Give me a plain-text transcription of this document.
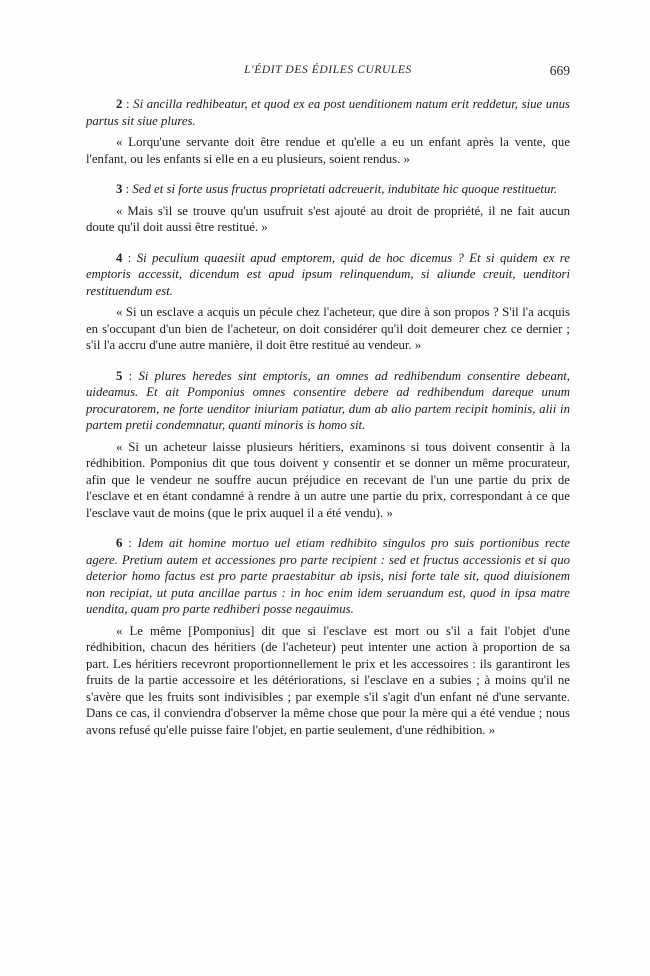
L'ÉDIT DES ÉDILES CURULES	669

2 : Si ancilla redhibeatur, et quod ex ea post uenditionem natum erit reddetur, siue unus partus sit siue plures.

« Lorqu'une servante doit être rendue et qu'elle a eu un enfant après la vente, que l'enfant, ou les enfants si elle en a eu plusieurs, soient rendus. »

3 : Sed et si forte usus fructus proprietati adcreuerit, indubitate hic quoque restituetur.

« Mais s'il se trouve qu'un usufruit s'est ajouté au droit de propriété, il ne fait aucun doute qu'il doit aussi être restitué. »

4 : Si peculium quaesiit apud emptorem, quid de hoc dicemus ? Et si quidem ex re emptoris accessit, dicendum est apud ipsum relinquendum, si aliunde creuit, uenditori restituendum est.

« Si un esclave a acquis un pécule chez l'acheteur, que dire à son propos ? S'il l'a acquis en s'occupant d'un bien de l'acheteur, on doit considérer qu'il doit demeurer chez ce dernier ; s'il l'a accru d'une autre manière, il doit être restitué au vendeur. »

5 : Si plures heredes sint emptoris, an omnes ad redhibendum consentire debeant, uideamus. Et ait Pomponius omnes consentire debere ad redhibendum dareque unum procuratorem, ne forte uenditor iniuriam patiatur, dum ab alio partem recipit hominis, alii in partem pretii condemnatur, quanti minoris is homo sit.

« Si un acheteur laisse plusieurs héritiers, examinons si tous doivent consentir à la rédhibition. Pomponius dit que tous doivent y consentir et se donner un même procurateur, afin que le vendeur ne souffre aucun préjudice en recevant de l'un une partie du prix de l'esclave et en étant condamné à rendre à un autre une partie du prix, correspondant à ce que l'esclave vaut de moins (que le prix auquel il a été vendu). »

6 : Idem ait homine mortuo uel etiam redhibito singulos pro suis portionibus recte agere. Pretium autem et accessiones pro parte recipient : sed et fructus accessionis et si quo deterior homo factus est pro parte praestabitur ab ipsis, nisi forte tale sit, quod diuisionem non recipiat, ut puta ancillae partus : in hoc enim idem seruandum est, quod in ipsa matre uendita, quam pro parte redhiberi posse negauimus.

« Le même [Pomponius] dit que si l'esclave est mort ou s'il a fait l'objet d'une rédhibition, chacun des héritiers (de l'acheteur) peut intenter une action à proportion de sa part. Les héritiers recevront proportionnellement le prix et les accessoires : ils garantiront les fruits de la partie accessoire et les détériorations, si l'esclave en a subies ; à moins qu'il ne s'avère que les fruits sont indivisibles ; par exemple s'il s'agit d'un enfant né d'une servante. Dans ce cas, il conviendra d'observer la même chose que pour la mère qui a été vendue ; nous avons refusé qu'elle puisse faire l'objet, en partie seulement, d'une rédhibition. »
